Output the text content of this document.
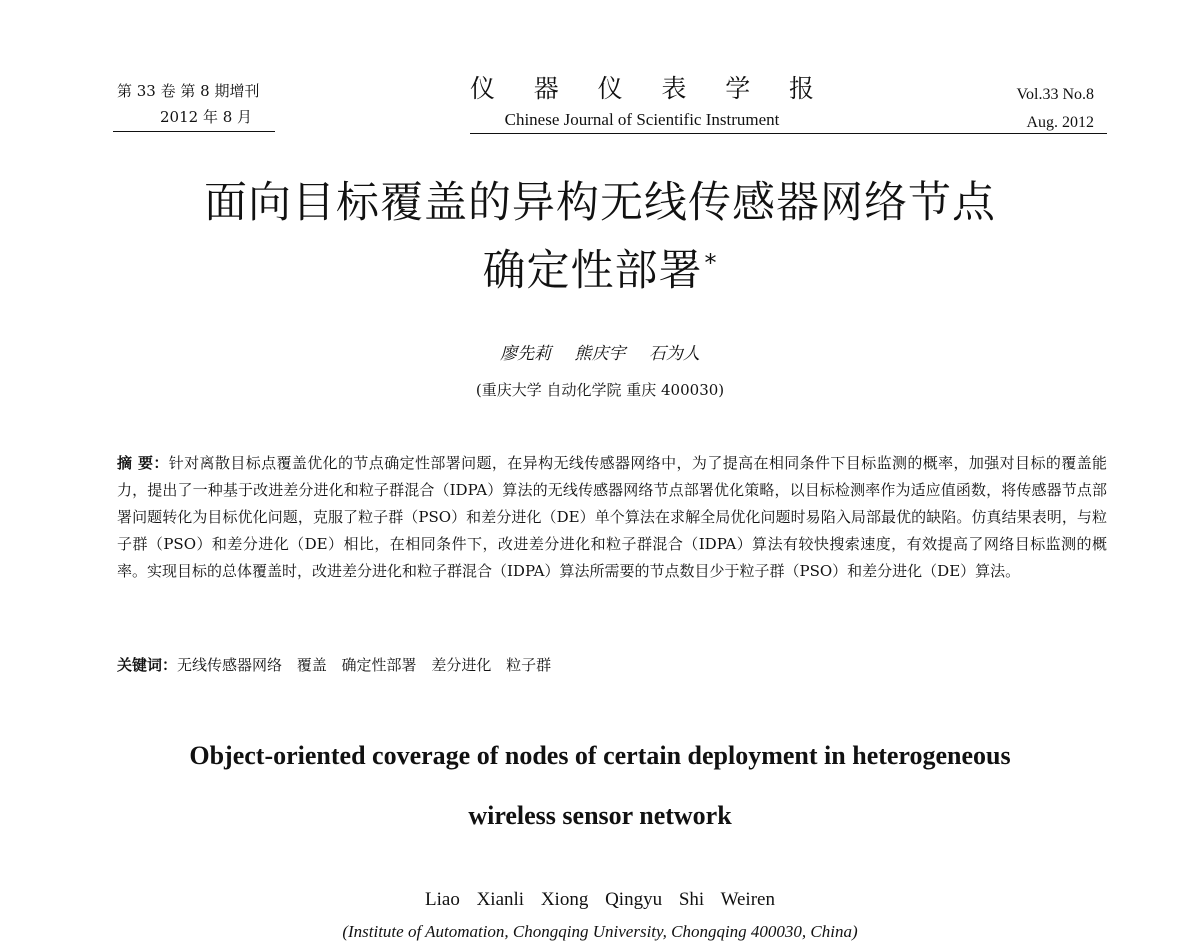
第 33 卷 第 8 期增刊
2012 年 8 月
仪 器 仪 表 学 报
Chinese Journal of Scientific Instrument
Vol.33 No.8
Aug. 2012
面向目标覆盖的异构无线传感器网络节点
确定性部署*
廖先莉 熊庆宇 石为人
(重庆大学 自动化学院 重庆 400030)
摘 要：针对离散目标点覆盖优化的节点确定性部署问题，在异构无线传感器网络中，为了提高在相同条件下目标监测的概率，加强对目标的覆盖能力，提出了一种基于改进差分进化和粒子群混合（IDPA）算法的无线传感器网络节点部署优化策略，以目标检测率作为适应值函数，将传感器节点部署问题转化为目标优化问题，克服了粒子群（PSO）和差分进化（DE）单个算法在求解全局优化问题时易陷入局部最优的缺陷。仿真结果表明，与粒子群（PSO）和差分进化（DE）相比，在相同条件下，改进差分进化和粒子群混合（IDPA）算法有较快搜索速度，有效提高了网络目标监测的概率。实现目标的总体覆盖时，改进差分进化和粒子群混合（IDPA）算法所需要的节点数目少于粒子群（PSO）和差分进化（DE）算法。
关键词：无线传感器网络 覆盖 确定性部署 差分进化 粒子群
Object-oriented coverage of nodes of certain deployment in heterogeneous
wireless sensor network
Liao Xianli Xiong Qingyu Shi Weiren
(Institute of Automation, Chongqing University, Chongqing 400030, China)
